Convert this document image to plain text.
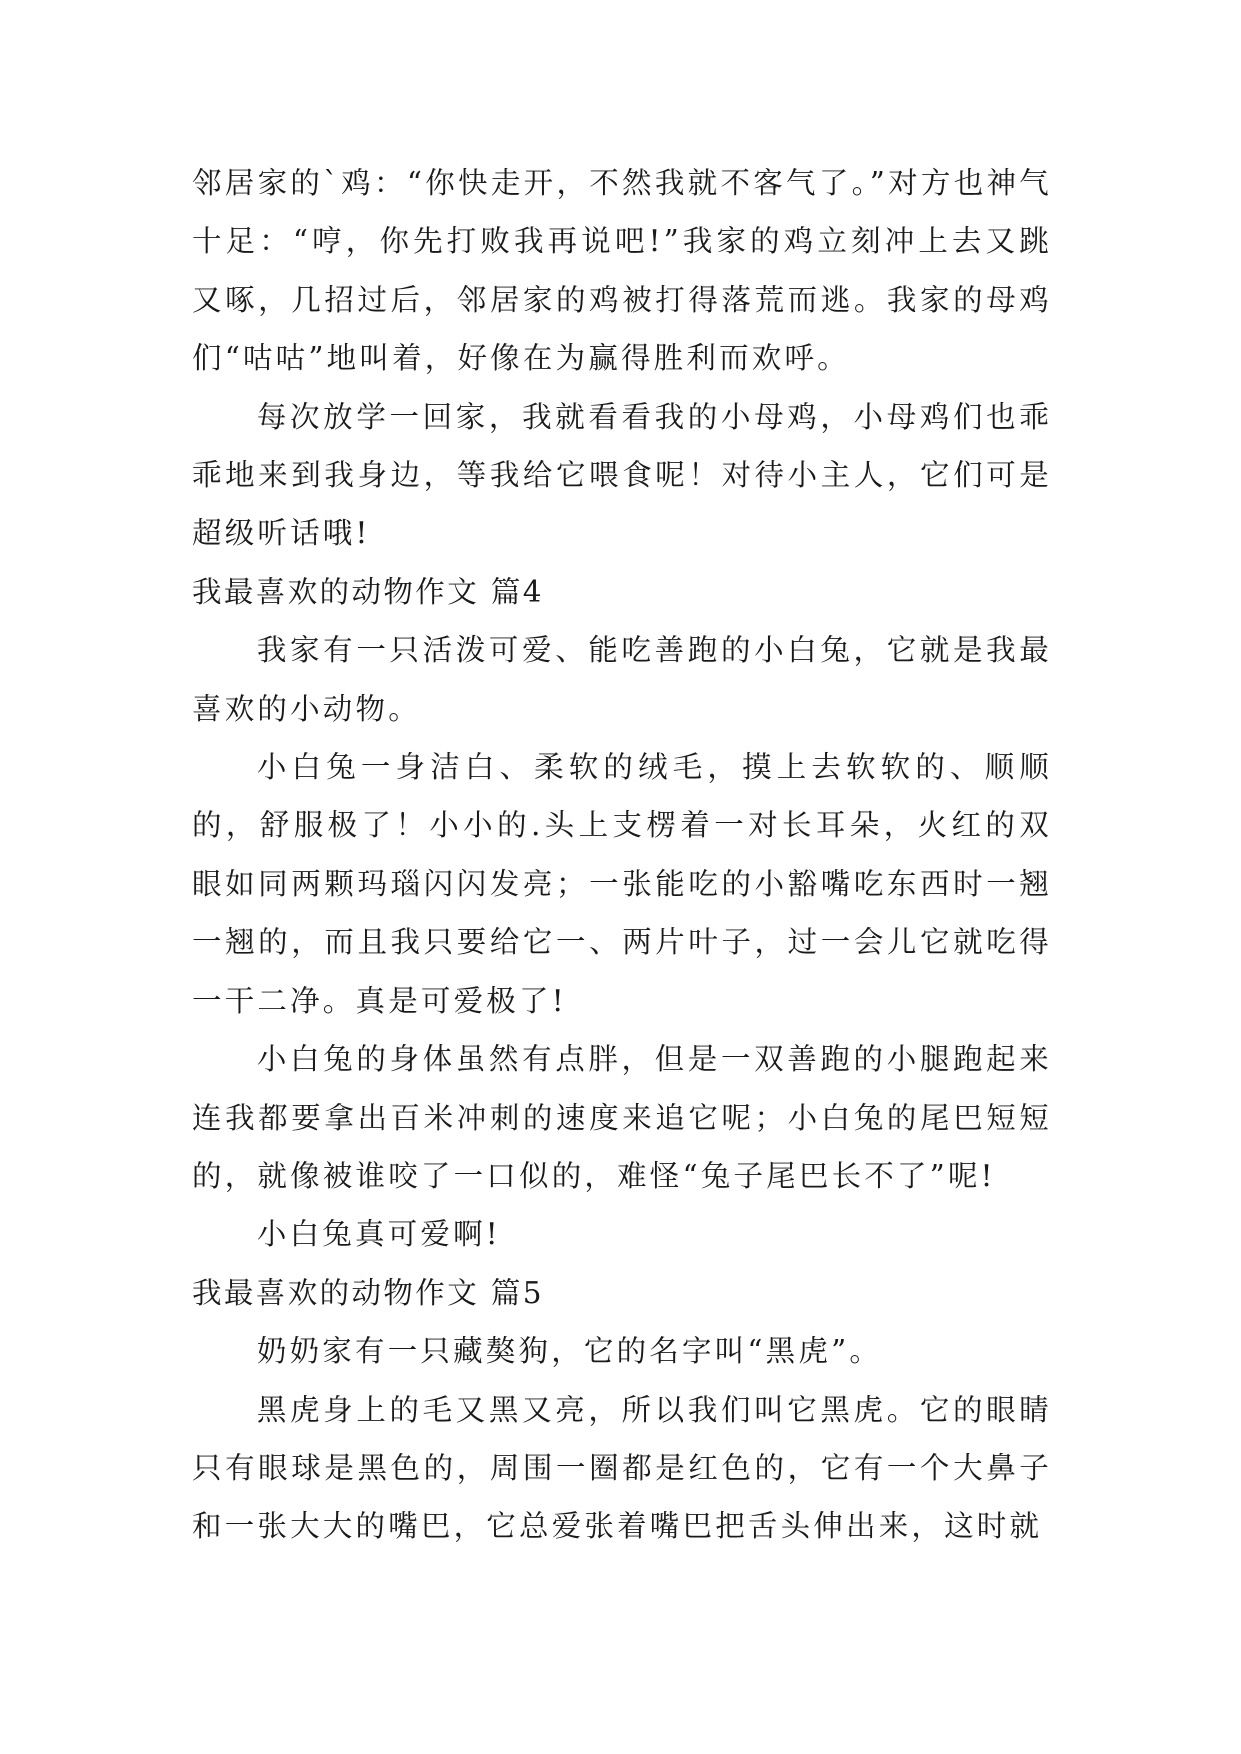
邻居家的`鸡：“你快走开，不然我就不客气了。”对方也神气十足：“哼，你先打败我再说吧!”我家的鸡立刻冲上去又跳又啄，几招过后，邻居家的鸡被打得落荒而逃。我家的母鸡们“咕咕”地叫着，好像在为赢得胜利而欢呼。

每次放学一回家，我就看看我的小母鸡，小母鸡们也乖乖地来到我身边，等我给它喂食呢！对待小主人，它们可是超级听话哦!

我最喜欢的动物作文 篇4

我家有一只活泼可爱、能吃善跑的小白兔，它就是我最喜欢的小动物。

小白兔一身洁白、柔软的绒毛，摸上去软软的、顺顺的，舒服极了！小小的.头上支楞着一对长耳朵，火红的双眼如同两颗玛瑙闪闪发亮；一张能吃的小豁嘴吃东西时一翘一翘的，而且我只要给它一、两片叶子，过一会儿它就吃得一干二净。真是可爱极了!

小白兔的身体虽然有点胖，但是一双善跑的小腿跑起来连我都要拿出百米冲刺的速度来追它呢；小白兔的尾巴短短的，就像被谁咬了一口似的，难怪“兔子尾巴长不了”呢!

小白兔真可爱啊!

我最喜欢的动物作文 篇5

奶奶家有一只藏獒狗，它的名字叫“黑虎”。

黑虎身上的毛又黑又亮，所以我们叫它黑虎。它的眼睛只有眼球是黑色的，周围一圈都是红色的，它有一个大鼻子和一张大大的嘴巴，它总爱张着嘴巴把舌头伸出来，这时就
